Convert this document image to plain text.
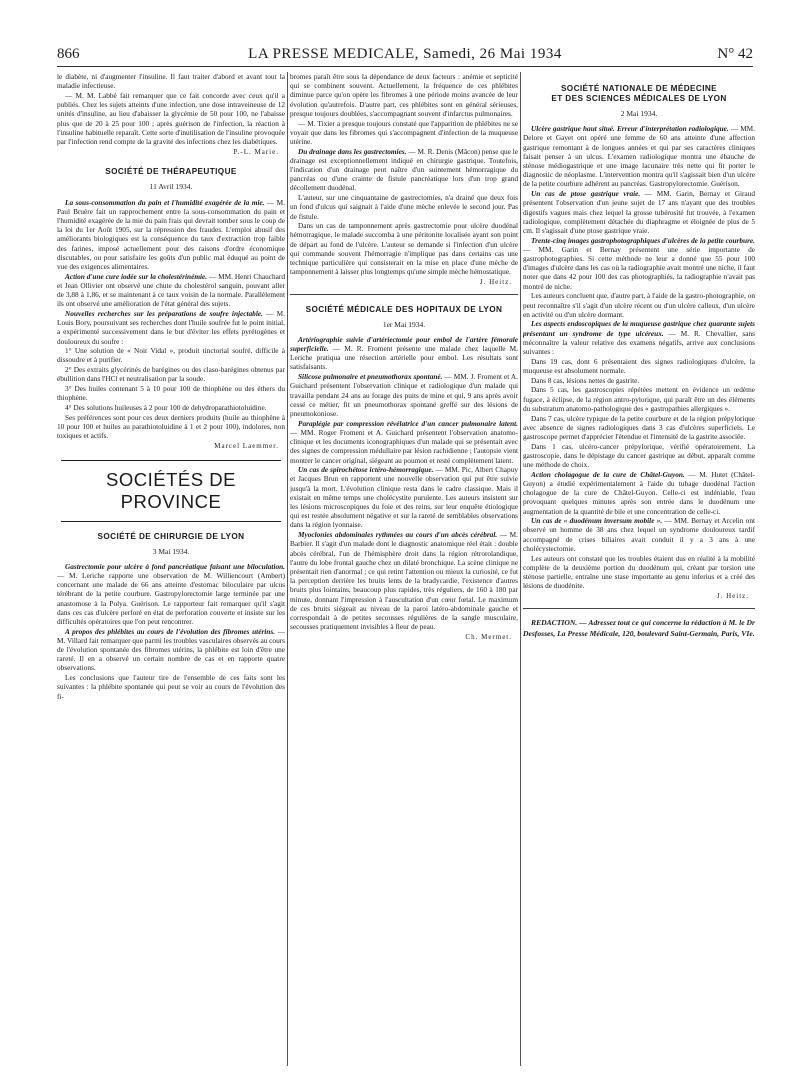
866	LA PRESSE MEDICALE, Samedi, 26 Mai 1934	N° 42

le diabète, ni d'augmenter l'insuline. Il faut traiter d'abord et avant tout la maladie infectieuse.

— M. M. Labbé fait remarquer que ce fait concorde avec ceux qu'il a publiés. Chez les sujets atteints d'une infection, une dose intraveineuse de 12 unités d'insuline, au lieu d'abaisser la glycémie de 50 pour 100, ne l'abaisse plus que de 20 à 25 pour 100 ; après guérison de l'infection, la réaction à l'insuline habituelle reparaît. Cette sorte d'inutilisation de l'insuline provoquée par l'infection rend compte de la gravité des infections chez les diabétiques.

P.-L. Marie.

SOCIÉTÉ DE THÉRAPEUTIQUE
11 Avril 1934.

La sous-consommation du pain et l'humidité exagérée de la mie. — M. Paul Bruère fait un rapprochement entre la sous-consommation du pain et l'humidité exagérée de la mie du pain frais qui devrait tomber sous le coup de la loi du 1er Août 1905, sur la répression des fraudes. L'emploi abusif des améliorants biologiques est la conséquence du taux d'extraction trop faible des farines, imposé actuellement pour des raisons d'ordre économique discutables, ou pour satisfaire les goûts d'un public mal éduqué au point de vue des exigences alimentaires.

Action d'une cure iodée sur la cholestérinémie. — MM. Henri Chauchard et Jean Ollivier ont observé une chute du cholestérol sanguin, pouvant aller de 3,88 à 1,86, et se maintenant à ce taux voisin de la normale. Parallèlement ils ont observé une amélioration de l'état général des sujets.

Nouvelles recherches sur les préparations de soufre injectable. — M. Louis Bory, poursuivant ses recherches dont l'huile soufrée fut le point initial, a expérimenté successivement dans le but d'éviter les effets pyrétogènes et douloureux du soufre :

1° Une solution de « Noir Vidal », produit tinctorial soufré, difficile à dissoudre et à purifier.

2° Des extraits glycérinés de barégines ou des claso-barégines obtenus par ébullition dans l'HCl et neutralisation par la soude.

3° Des huiles contenant 5 à 10 pour 100 de thiophène ou des éthers du thiophène.

4° Des solutions huileuses à 2 pour 100 de dehydroparathiotoluidine.

Ses préférences sont pour ces deux derniers produits (huile au thiophène à 10 pour 100 et huiles au parathiotoluidine à 1 et 2 pour 100), indolores, non toxiques et actifs.

Marcel Laemmer.

SOCIÉTÉS DE PROVINCE
SOCIÉTÉ DE CHIRURGIE DE LYON
3 Mai 1934.

Gastrectomie pour ulcère à fond pancréatique faisant une biloculation. — M. Leriche rapporte une observation de M. Williencourt (Ambert) concernant une malade de 66 ans atteinte d'estomac biloculaire par ulcus térébrant de la petite courbure. Gastropylorectomie large terminée par une anastomose à la Polya. Guérison. Le rapporteur fait remarquer qu'il s'agit dans ces cas d'ulcère perforé en état de perforation couverte et insiste sur les difficultés opératoires que l'on peut rencontrer.

A propos des phlébites au cours de l'évolution des fibromes utérins. — M. Villard fait remarquer que parmi les troubles vasculaires observés au cours de l'évolution spontanée des fibromes utérins, la phlébite est loin d'être une rareté. Il en a observé un certain nombre de cas et en rapporte quatre observations.

Les conclusions que l'auteur tire de l'ensemble de ces faits sont les suivantes : la phlébite spontanée qui peut se voir au cours de l'évolution des fi-

bromes paraît être sous la dépendance de deux facteurs : anémie et septicité qui se combinent souvent. Actuellement, la fréquence de ces phlébites diminue parce qu'on opère les fibromes à une période moins avancée de leur évolution qu'autrefois. D'autre part, ces phlébites sont en général sérieuses, presque toujours doublées, s'accompagnant souvent d'infarctus pulmonaires.

— M. Tixier a presque toujours constaté que l'apparition de phlébites ne se voyait que dans les fibromes qui s'accompagnent d'infection de la muqueuse utérine.

Du drainage dans les gastrectomies. — M. R. Denis (Mâcon) pense que le drainage est exceptionnellement indiqué en chirurgie gastrique. Toutefois, l'indication d'un drainage peut naître d'un suintement hémorragique du pancréas ou d'une crainte de fistule pancréatique lors d'un trop grand décollement duodénal.

L'auteur, sur une cinquantaine de gastrectomies, n'a drainé que deux fois un fond d'ulcus qui saignait à l'aide d'une mèche enlevée le second jour. Pas de fistule.

Dans un cas de tamponnement après gastrectomie pour ulcère duodénal hémorragique, le malade succomba à une péritonite localisée ayant son point de départ au fond de l'ulcère. L'auteur se demande si l'infection d'un ulcère qui commande souvent l'hémorragie n'implique pas dans certains cas une technique particulière qui consisterait en la mise en place d'une mèche de tamponnement à laisser plus longtemps qu'une simple mèche hémostatique.

J. Heitz.

SOCIÉTÉ MÉDICALE DES HOPITAUX DE LYON
1er Mai 1934.

Artériographie suivie d'artériectomie pour embol de l'artère fémorale superficielle. — M. R. Froment présente une malade chez laquelle M. Leriche pratiqua une résection artérielle pour embol. Les résultats sont satisfaisants.

Silicose pulmonaire et pneumothorax spontané. — MM. J. Froment et A. Guichard présentent l'observation clinique et radiologique d'un malade qui travailla pendant 24 ans au forage des puits de mine et qui, 9 ans après avoir cessé ce métier, fit un pneumothorax spontané greffé sur des lésions de pneumokoniose.

Paraplégie par compression révélatrice d'un cancer pulmonaire latent. — MM. Roger Froment et A. Guichard présentent l'observation anatomo-clinique et les documents iconographiques d'un malade qui se présentait avec des signes de compression médullaire par lésion rachidienne ; l'autopsie vient montrer le cancer original, siégeant au poumon et resté complètement latent.

Un cas de spirochétose ictéro-hémorragique. — MM. Pic, Albert Chapuy et Jacques Brun en rapportent une nouvelle observation qui put être suivie jusqu'à la mort. L'évolution clinique resta dans le cadre classique. Mais il existait en même temps une cholécystite purulente. Les auteurs insistent sur les lésions microscopiques du foie et des reins, sur leur enquête étiologique qui est restée absolument négative et sur la rareté de semblables observations dans la région lyonnaise.

Myoclonies abdominales rythmées au cours d'un abcès cérébral. — M. Barbier. Il s'agit d'un malade dont le diagnostic anatomique réel était : double abcès cérébral, l'un de l'hémisphère droit dans la région rétrorolandique, l'autre du lobe frontal gauche chez un dilaté bronchique. La scène clinique ne présentait rien d'anormal ; ce qui retint l'attention ou mieux la curiosité, ce fut la perception derrière les bruits lents de la bradycardie, l'existence d'autres bruits plus lointains, beaucoup plus rapides, très réguliers, de 160 à 180 par minute, donnant l'impression à l'auscultation d'un cœur fœtal. Le maximum de ces bruits siégeait au niveau de la paroi latéro-abdominale gauche et correspondait à de petites secousses régulières de la sangle musculaire, secousses pratiquement invisibles à fleur de peau.

Ch. Mermet.

SOCIÉTÉ NATIONALE DE MÉDECINE
ET DES SCIENCES MÉDICALES DE LYON
2 Mai 1934.

Ulcère gastrique haut situé. Erreur d'interprétation radiologique. — MM. Delore et Gayet ont opéré une femme de 60 ans atteinte d'une affection gastrique remontant à de longues années et qui par ses caractères cliniques faisait penser à un ulcus. L'examen radiologique montra une ébauche de sténose médiogastrique et une image lacunaire très nette qui fit porter le diagnostic de néoplasme. L'intervention montra qu'il s'agissait bien d'un ulcère de la petite courbure adhérent au pancréas. Gastropylorectomie. Guérison.

Un cas de ptose gastrique vraie. — MM. Garin, Bernay et Giraud présentent l'observation d'un jeune sujet de 17 ans n'ayant que des troubles digestifs vagues mais chez lequel la grosse tubérosité fut trouvée, à l'examen radiologique, complètement détachée du diaphragme et éloignée de plus de 5 cm. Il s'agissait d'une ptose gastrique vraie.

Trente-cinq images gastrophotographiques d'ulcères de la petite courbure. — MM. Garin et Bernay présentent une série importante de gastrophotographies. Si cette méthode ne leur a donné que 55 pour 100 d'images d'ulcère dans les cas où la radiographie avait montré une niche, il faut noter que dans 42 pour 100 des cas photographiés, la radiographie n'avait pas montré de niche.

Les auteurs concluent que, d'autre part, à l'aide de la gastro-photographie, on peut reconnaître s'il s'agit d'un ulcère récent ou d'un ulcère calleux, d'un ulcère en activité ou d'un ulcère dormant.

Les aspects endoscopiques de la muqueuse gastrique chez quarante sujets présentant un syndrome de type ulcéreux. — M. R. Chevallier, sans méconnaître la valeur relative des examens négatifs, arrive aux conclusions suivantes :

Dans 19 cas, dont 6 présentaient des signes radiologiques d'ulcère, la muqueuse est absolument normale.

Dans 8 cas, lésions nettes de gastrite.

Dans 5 cas, les gastroscopies répétées mettent en évidence un œdème fugace, à éclipse, de la région antro-pylorique, qui paraît être un des éléments du substratum anatomo-pathologique des « gastropathies allergiques ».

Dans 7 cas, ulcère typique de la petite courbure et de la région prépylorique avec absence de signes radiologiques dans 3 cas d'ulcères superficiels. Le gastroscope permet d'apprécier l'étendue et l'intensité de la gastrite associée.

Dans 1 cas, ulcéro-cancer prépylorique, vérifié opératoirement. La gastroscopie, dans le dépistage du cancer gastrique au début, apparaît comme une méthode de choix.

Action cholagogue de la cure de Châtel-Guyon. — M. Hutet (Châtel-Guyon) a étudié expérimentalement à l'aide du tubage duodénal l'action cholagogue de la cure de Châtel-Guyon. Celle-ci est indéniable, l'eau provoquant quelques minutes après son entrée dans le duodénum une augmentation de la quantité de bile et une concentration de celle-ci.

Un cas de « duodénum inversum mobile ». — MM. Bernay et Arcelin ont observé un homme de 38 ans chez lequel un syndrome douloureux tardif accompagné de crises biliaires avait conduit il y a 3 ans à une cholécystectomie.

Les auteurs ont constaté que les troubles étaient dus en réalité à la mobilité complète de la deuxième portion du duodénum qui, créant par torsion une sténose partielle, entraîne une stase importante au genu inferius et a créé des lésions de duodénite.

J. Heitz.

REDACTION. — Adressez tout ce qui concerne la rédaction à M. le Dr Desfosses, La Presse Médicale, 120, boulevard Saint-Germain, Paris, VIe.
